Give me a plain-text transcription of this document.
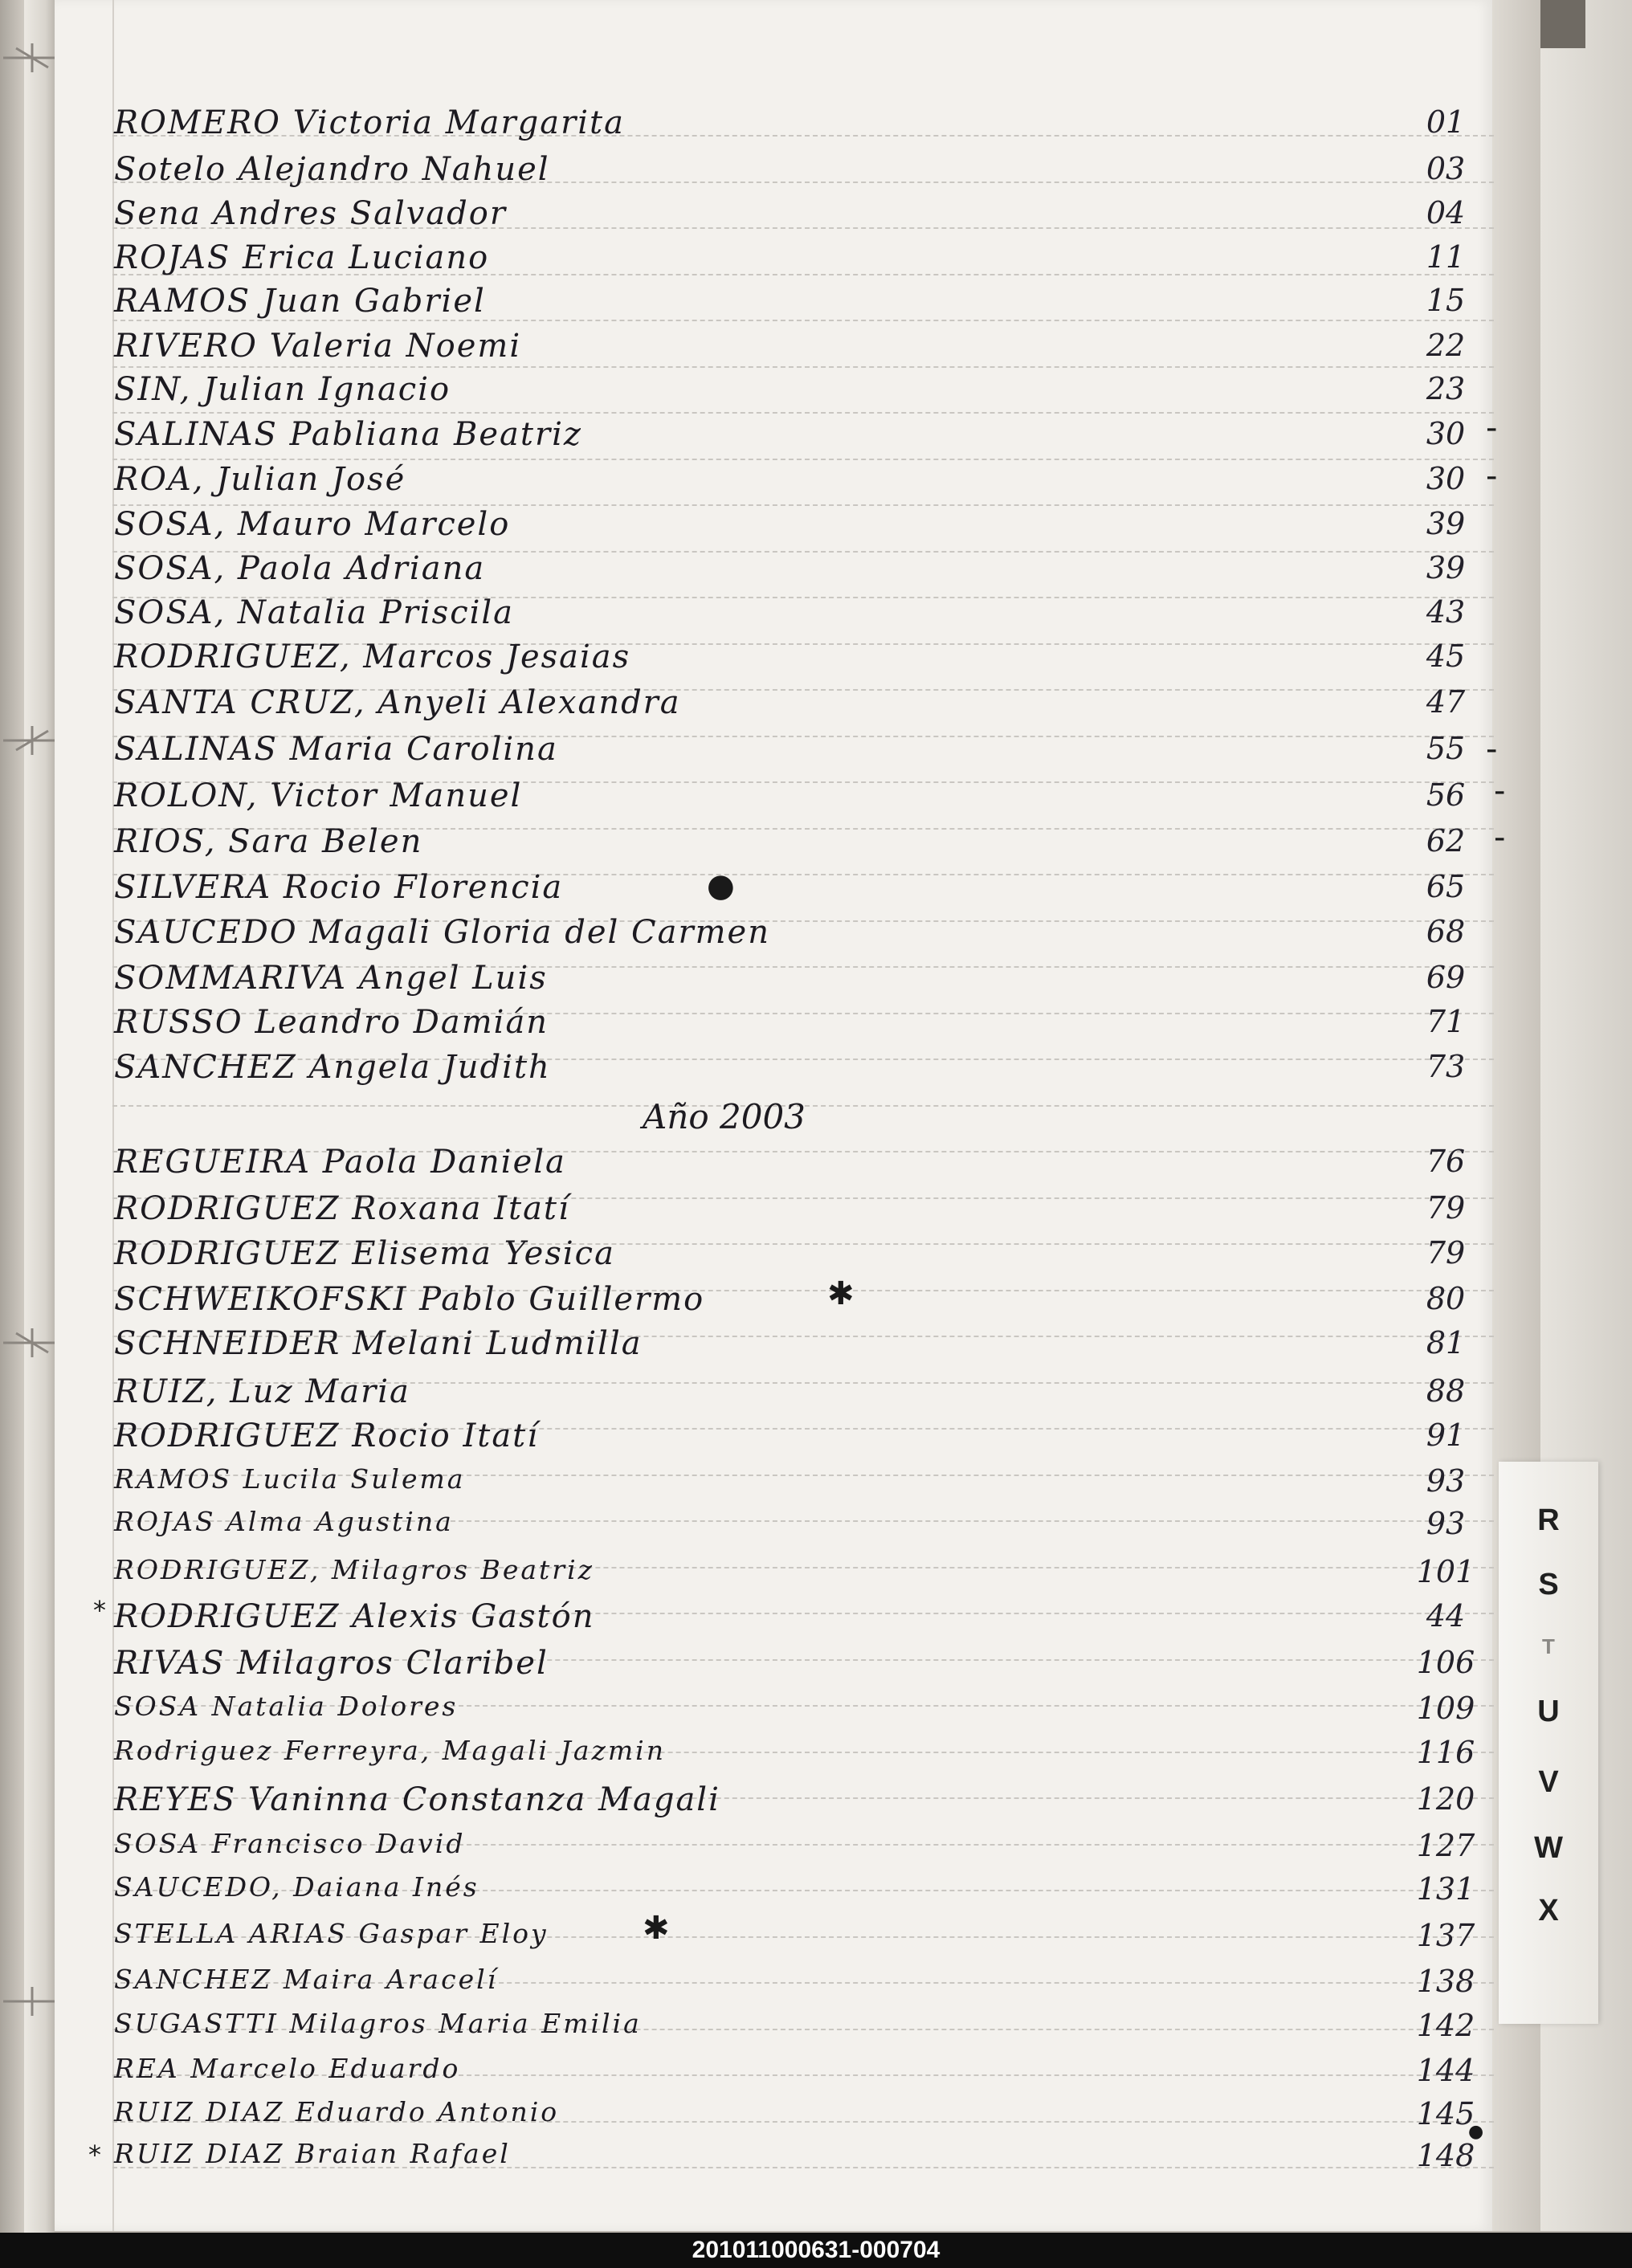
ROMERO Victoria Margarita	01
Sotelo Alejandro Nahuel	03
Sena Andres Salvador	04
ROJAS Erica Luciano	11
RAMOS Juan Gabriel	15
RIVERO Valeria Noemi	22
SIN, Julian Ignacio	23
SALINAS Pabliana Beatriz	30
ROA, Julian José	30
SOSA, Mauro Marcelo	39
SOSA, Paola Adriana	39
SOSA, Natalia Priscila	43
RODRIGUEZ, Marcos Jesaias	45
SANTA CRUZ, Anyeli Alexandra	47
SALINAS Maria Carolina	55
ROLON, Victor Manuel	56
RIOS, Sara Belen	62
SILVERA Rocio Florencia	65
SAUCEDO Magali Gloria del Carmen	68
SOMMARIVA Angel Luis	69
RUSSO Leandro Damián	71
SANCHEZ Angela Judith	73
REGUEIRA Paola Daniela	76
RODRIGUEZ Roxana Itatí	79
RODRIGUEZ Elisema Yesica	79
SCHWEIKOFSKI Pablo Guillermo	80
SCHNEIDER Melani Ludmilla	81
RUIZ, Luz Maria	88
RODRIGUEZ Rocio Itatí	91
RAMOS Lucila Sulema	93
ROJAS Alma Agustina	93
RODRIGUEZ, Milagros Beatriz	101
RODRIGUEZ Alexis Gastón	44
RIVAS Milagros Claribel	106
SOSA Natalia Dolores	109
Rodriguez Ferreyra, Magali Jazmin	116
REYES Vaninna Constanza Magali	120
SOSA Francisco David	127
SAUCEDO, Daiana Inés	131
STELLA ARIAS Gaspar Eloy	137
SANCHEZ Maira Aracelí	138
SUGASTTI Milagros Maria Emilia	142
REA Marcelo Eduardo	144
RUIZ DIAZ Eduardo Antonio	145
RUIZ DIAZ Braian Rafael	148
Año 2003
-
-
-
-
-
●
✱
✱
*
*
●
R
S
T
U
V
W
X
201011000631-000704
